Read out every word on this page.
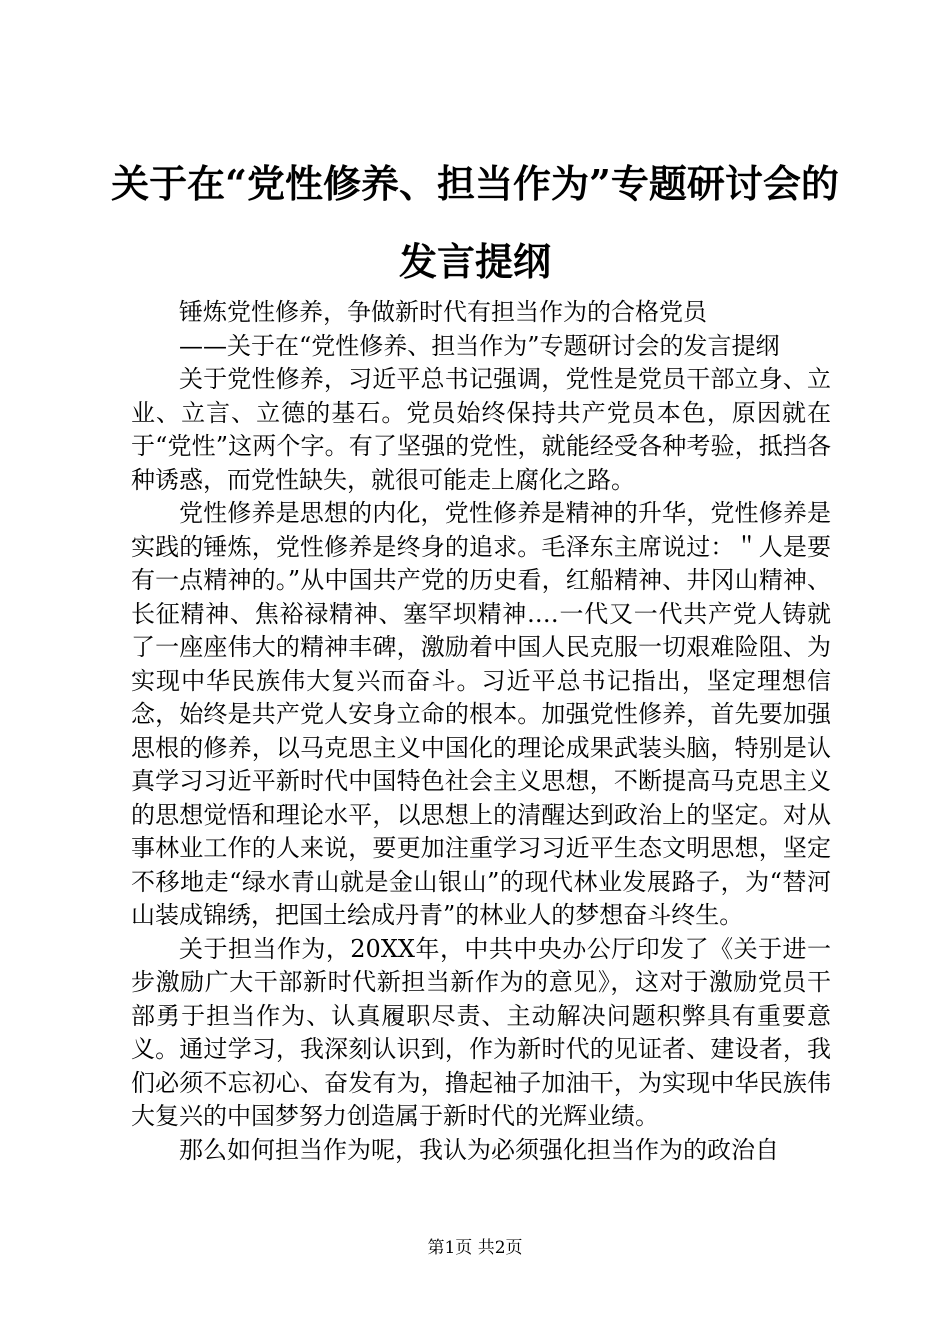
关于在“党性修养、担当作为”专题研讨会的
发言提纲

锤炼党性修养，争做新时代有担当作为的合格党员

——关于在“党性修养、担当作为”专题研讨会的发言提纲

关于党性修养，习近平总书记强调，党性是党员干部立身、立业、立言、立德的基石。党员始终保持共产党员本色，原因就在于“党性”这两个字。有了坚强的党性，就能经受各种考验，抵挡各种诱惑，而党性缺失，就很可能走上腐化之路。

党性修养是思想的内化，党性修养是精神的升华，党性修养是实践的锤炼，党性修养是终身的追求。毛泽东主席说过：＂人是要有一点精神的。”从中国共产党的历史看，红船精神、井冈山精神、长征精神、焦裕禄精神、塞罕坝精神.…一代又一代共产党人铸就了一座座伟大的精神丰碑，激励着中国人民克服一切艰难险阻、为实现中华民族伟大复兴而奋斗。习近平总书记指出，坚定理想信念，始终是共产党人安身立命的根本。加强党性修养，首先要加强思根的修养，以马克思主义中国化的理论成果武装头脑，特别是认真学习习近平新时代中国特色社会主义思想，不断提高马克思主义的思想觉悟和理论水平，以思想上的清醒达到政治上的坚定。对从事林业工作的人来说，要更加注重学习习近平生态文明思想，坚定不移地走“绿水青山就是金山银山”的现代林业发展路子，为“替河山装成锦绣，把国土绘成丹青”的林业人的梦想奋斗终生。

关于担当作为，20XX年，中共中央办公厅印发了《关于进一步激励广大干部新时代新担当新作为的意见》，这对于激励党员干部勇于担当作为、认真履职尽责、主动解决问题积弊具有重要意义。通过学习，我深刻认识到，作为新时代的见证者、建设者，我们必须不忘初心、奋发有为，撸起袖子加油干，为实现中华民族伟大复兴的中国梦努力创造属于新时代的光辉业绩。

那么如何担当作为呢，我认为必须强化担当作为的政治自

第1页 共2页
